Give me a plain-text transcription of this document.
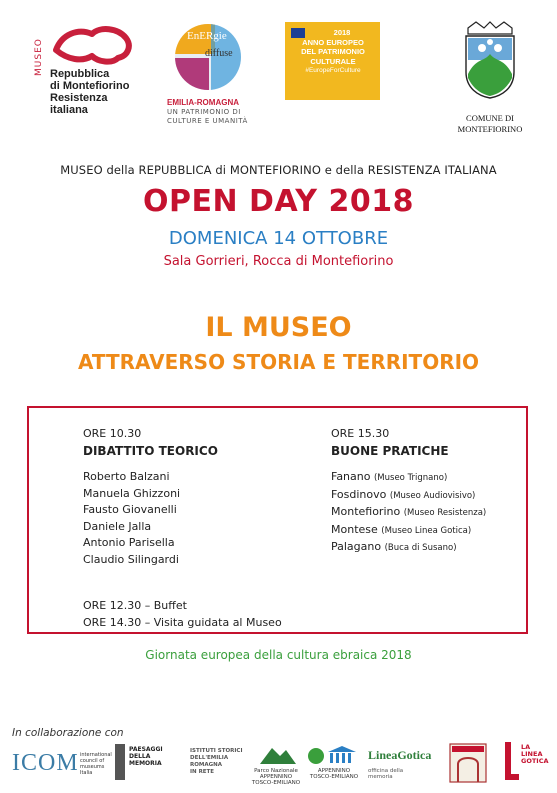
MUSEO Repubblica
di Montefiorino
Resistenza
italiana
EnERgie
diffuse
EMILIA-ROMAGNA
UN PATRIMONIO DI CULTURE E UMANITÀ
2018
ANNO EUROPEO
DEL PATRIMONIO
CULTURALE
#EuropeForCulture
COMUNE DI
MONTEFIORINO
MUSEO della REPUBBLICA di MONTEFIORINO e della RESISTENZA ITALIANA
OPEN DAY 2018
DOMENICA 14 OTTOBRE
Sala Gorrieri, Rocca di Montefiorino
IL MUSEO
ATTRAVERSO STORIA E TERRITORIO
ORE 10.30
DIBATTITO TEORICO
Roberto Balzani
Manuela Ghizzoni
Fausto Giovanelli
Daniele Jalla
Antonio Parisella
Claudio Silingardi
ORE 15.30
BUONE PRATICHE
Fanano (Museo Trignano)
Fosdinovo (Museo Audiovisivo)
Montefiorino (Museo Resistenza)
Montese (Museo Linea Gotica)
Palagano (Buca di Susano)
ORE 12.30 – Buffet
ORE 14.30 – Visita guidata al Museo
Giornata europea della cultura ebraica 2018
In collaborazione con
ICOM international council of museums Italia
PAESAGGI
DELLA MEMORIA
ISTITUTI STORICI
DELL'EMILIA
ROMAGNA
IN RETE	Parco Nazionale
APPENNINO
TOSCO-EMILIANO
APPENNINO
TOSCO-EMILIANO
LineaGotica
officina della memoria
LA
LINEA
GOTICA
